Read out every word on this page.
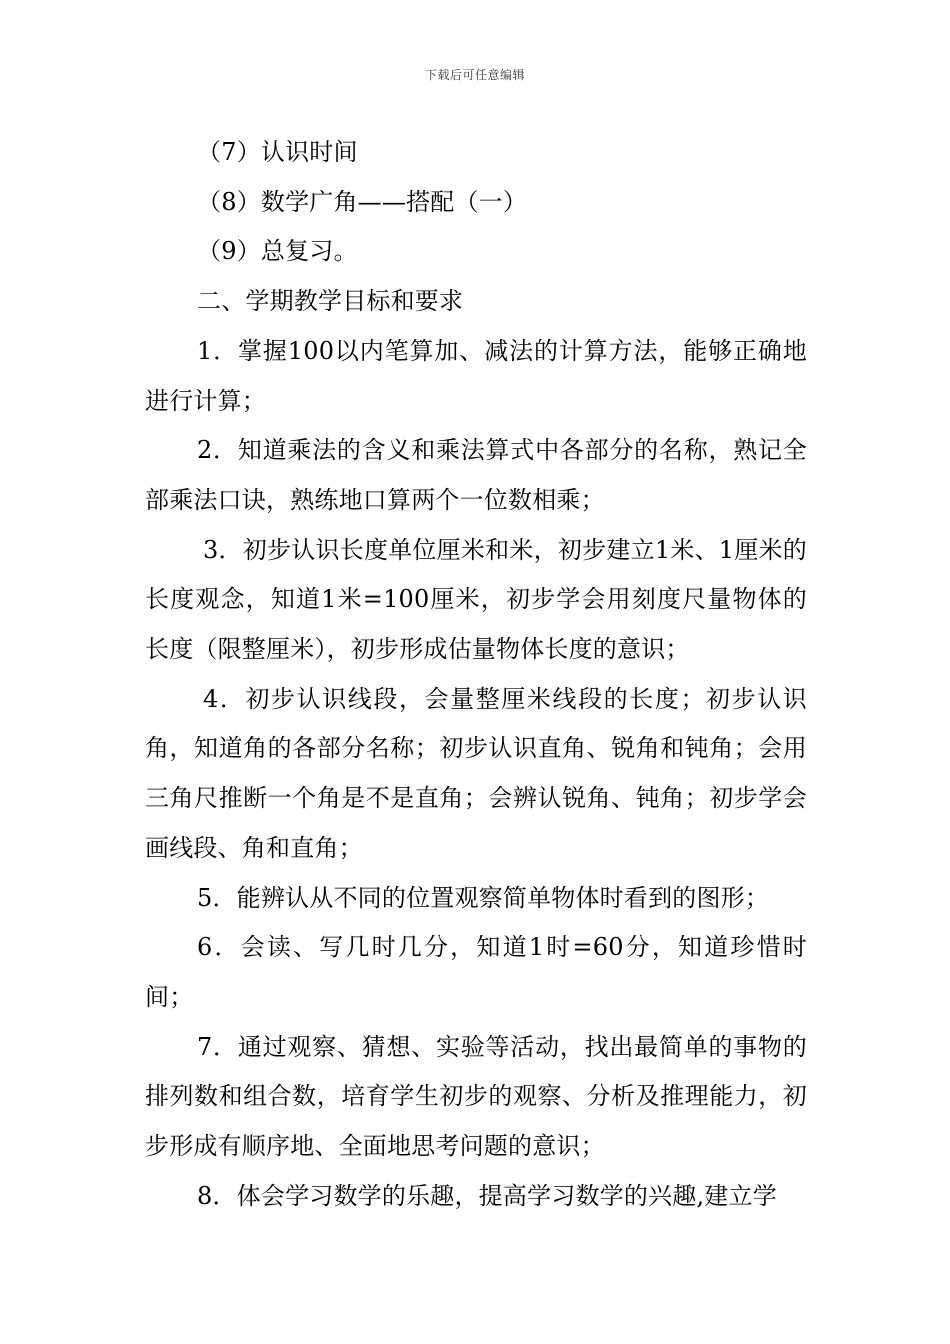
下载后可任意编辑

（7）认识时间

（8）数学广角——搭配（一）

（9）总复习。

二、学期教学目标和要求

1．掌握100以内笔算加、减法的计算方法，能够正确地进行计算；

2．知道乘法的含义和乘法算式中各部分的名称，熟记全部乘法口诀，熟练地口算两个一位数相乘；

3．初步认识长度单位厘米和米，初步建立1米、1厘米的长度观念，知道1米=100厘米，初步学会用刻度尺量物体的长度（限整厘米），初步形成估量物体长度的意识；

4．初步认识线段，会量整厘米线段的长度；初步认识角，知道角的各部分名称；初步认识直角、锐角和钝角；会用三角尺推断一个角是不是直角；会辨认锐角、钝角；初步学会画线段、角和直角；

5．能辨认从不同的位置观察简单物体时看到的图形；

6．会读、写几时几分，知道1时=60分，知道珍惜时间；

7．通过观察、猜想、实验等活动，找出最简单的事物的排列数和组合数，培育学生初步的观察、分析及推理能力，初步形成有顺序地、全面地思考问题的意识；

8．体会学习数学的乐趣，提高学习数学的兴趣,建立学
